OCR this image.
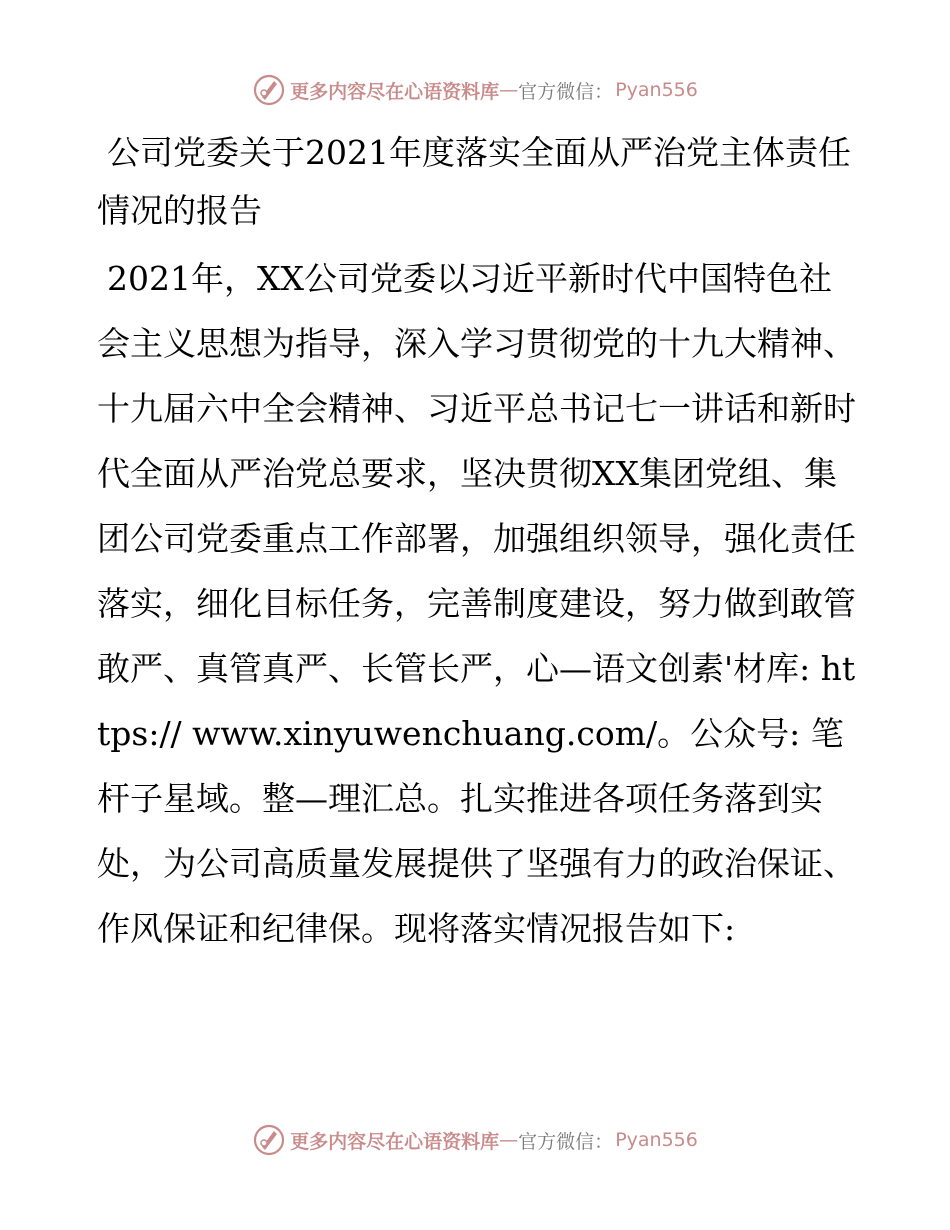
更多内容尽在心语资料库 — 官方微信： Pyan556
公司党委关于2021年度落实全面从严治党主体责任情况的报告

2021年，XX公司党委以习近平新时代中国特色社会主义思想为指导，深入学习贯彻党的十九大精神、十九届六中全会精神、习近平总书记七一讲话和新时代全面从严治党总要求，坚决贯彻XX集团党组、集团公司党委重点工作部署，加强组织领导，强化责任落实，细化目标任务，完善制度建设，努力做到敢管敢严、真管真严、长管长严，心—语文创素'材库: https:// www.xinyuwenchuang.com/。公众号: 笔杆子星域。整—理汇总。扎实推进各项任务落到实处，为公司高质量发展提供了坚强有力的政治保证、作风保证和纪律保。现将落实情况报告如下:

更多内容尽在心语资料库 — 官方微信： Pyan556
